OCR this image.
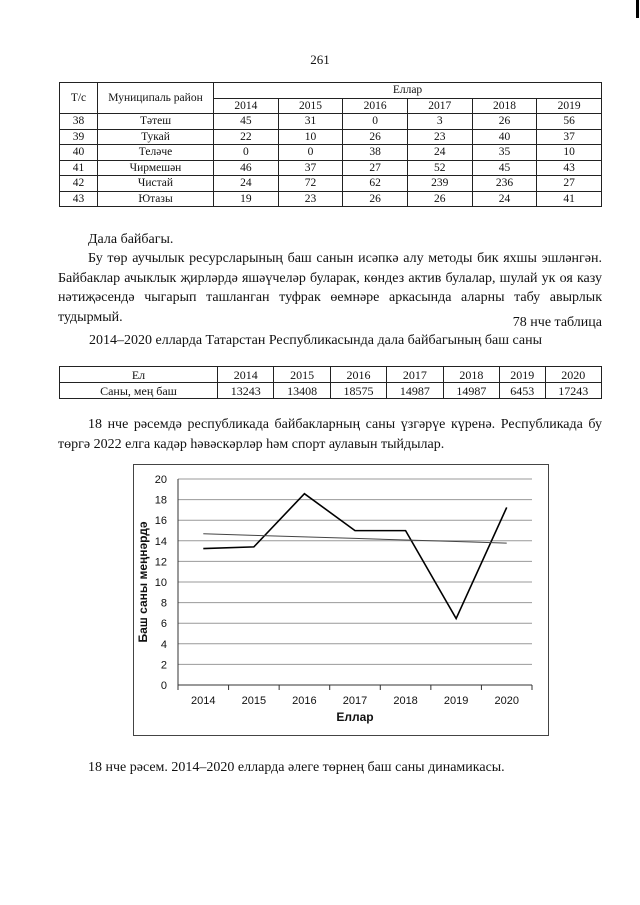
261
Т/с	Муниципаль район	Еллар					
		2014	2015	2016	2017	2018	2019
38	Тәтеш	45	31	0	3	26	56
39	Тукай	22	10	26	23	40	37
40	Теләче	0	0	38	24	35	10
41	Чирмешән	46	37	27	52	45	43
42	Чистай	24	72	62	239	236	27
43	Ютазы	19	23	26	26	24	41
Дала байбагы.
Бу төр аучылык ресурсларының баш санын исәпкә алу методы бик яхшы эшләнгән. Байбаклар ачыклык җирләрдә яшәүчеләр буларак, көндез актив булалар, шулай ук оя казу нәтиҗәсендә чыгарып ташланган туфрак өемнәре аркасында аларны табу авырлык тудырмый.	78 нче таблица
2014–2020 елларда Татарстан Республикасында дала байбагының баш саны
Ел	2014	2015	2016	2017	2018	2019	2020
Саны, мең баш	13243	13408	18575	14987	14987	6453	17243
18 нче рәсемдә республикада байбакларның саны үзгәрүе күренә. Республикада бу төргә 2022 елга кадәр һәвәскәрләр һәм спорт аулавын тыйдылар.
0
2
4
6
8
10
12
14
16
18
20
2014 2015 2016 2017 2018 2019 2020
Еллар
Баш саны меңнәрдә
18 нче рәсем. 2014–2020 елларда әлеге төрнең баш саны динамикасы.
